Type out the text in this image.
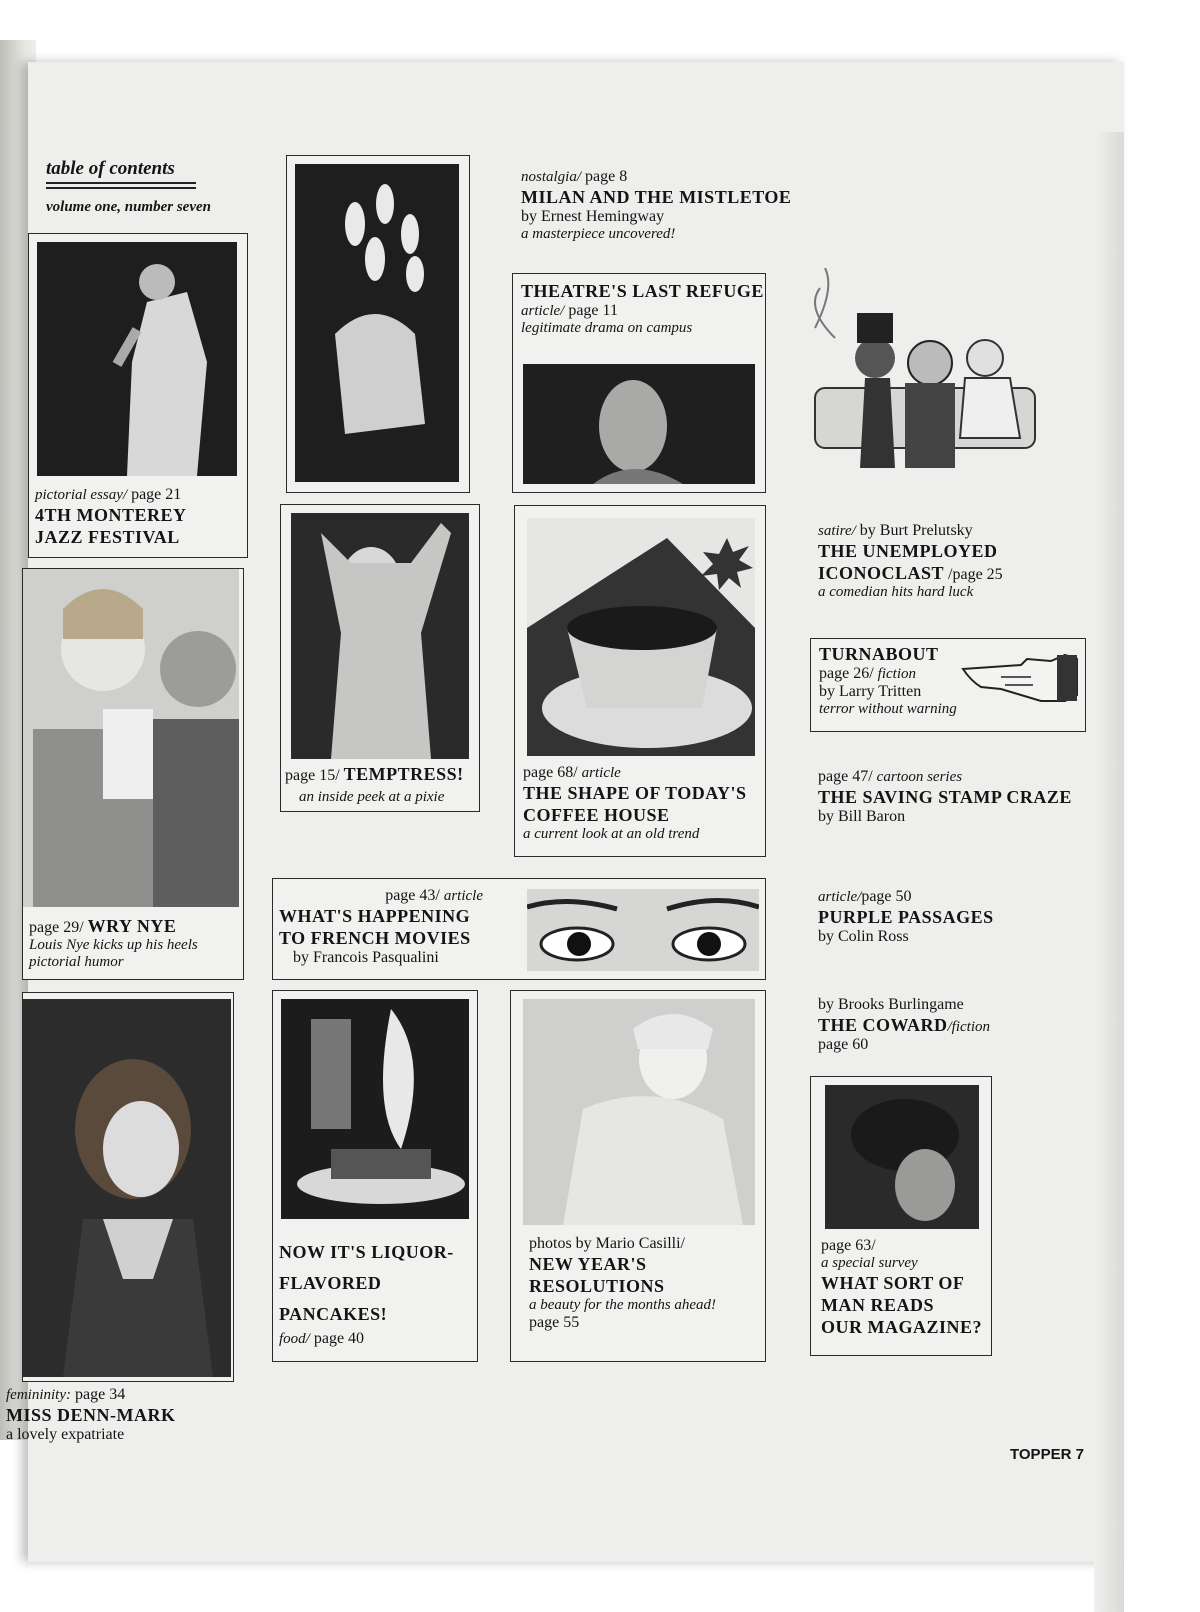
table of contents
volume one, number seven
pictorial essay/ page 21
4TH MONTEREY
JAZZ FESTIVAL
page 29/ WRY NYE
Louis Nye kicks up his heels
pictorial humor
femininity: page 34
MISS DENN-MARK
a lovely expatriate
nostalgia/ page 8
MILAN AND THE MISTLETOE
by Ernest Hemingway
a masterpiece uncovered!
THEATRE'S LAST REFUGE
article/ page 11
legitimate drama on campus
page 15/ TEMPTRESS!
an inside peek at a pixie
page 68/ article
THE SHAPE OF TODAY'S
COFFEE HOUSE
a current look at an old trend
satire/ by Burt Prelutsky
THE UNEMPLOYED
ICONOCLAST /page 25
a comedian hits hard luck
TURNABOUT
page 26/ fiction
by Larry Tritten
terror without warning
page 47/ cartoon series
THE SAVING STAMP CRAZE
by Bill Baron
page 43/ article
WHAT'S HAPPENING
TO FRENCH MOVIES
by Francois Pasqualini
article/page 50
PURPLE PASSAGES
by Colin Ross
by Brooks Burlingame
THE COWARD/fiction
page 60
NOW IT'S LIQUOR-
FLAVORED
PANCAKES!
food/ page 40
photos by Mario Casilli/
NEW YEAR'S
RESOLUTIONS
a beauty for the months ahead!
page 55
page 63/
a special survey
WHAT SORT OF
MAN READS
OUR MAGAZINE?
TOPPER 7
